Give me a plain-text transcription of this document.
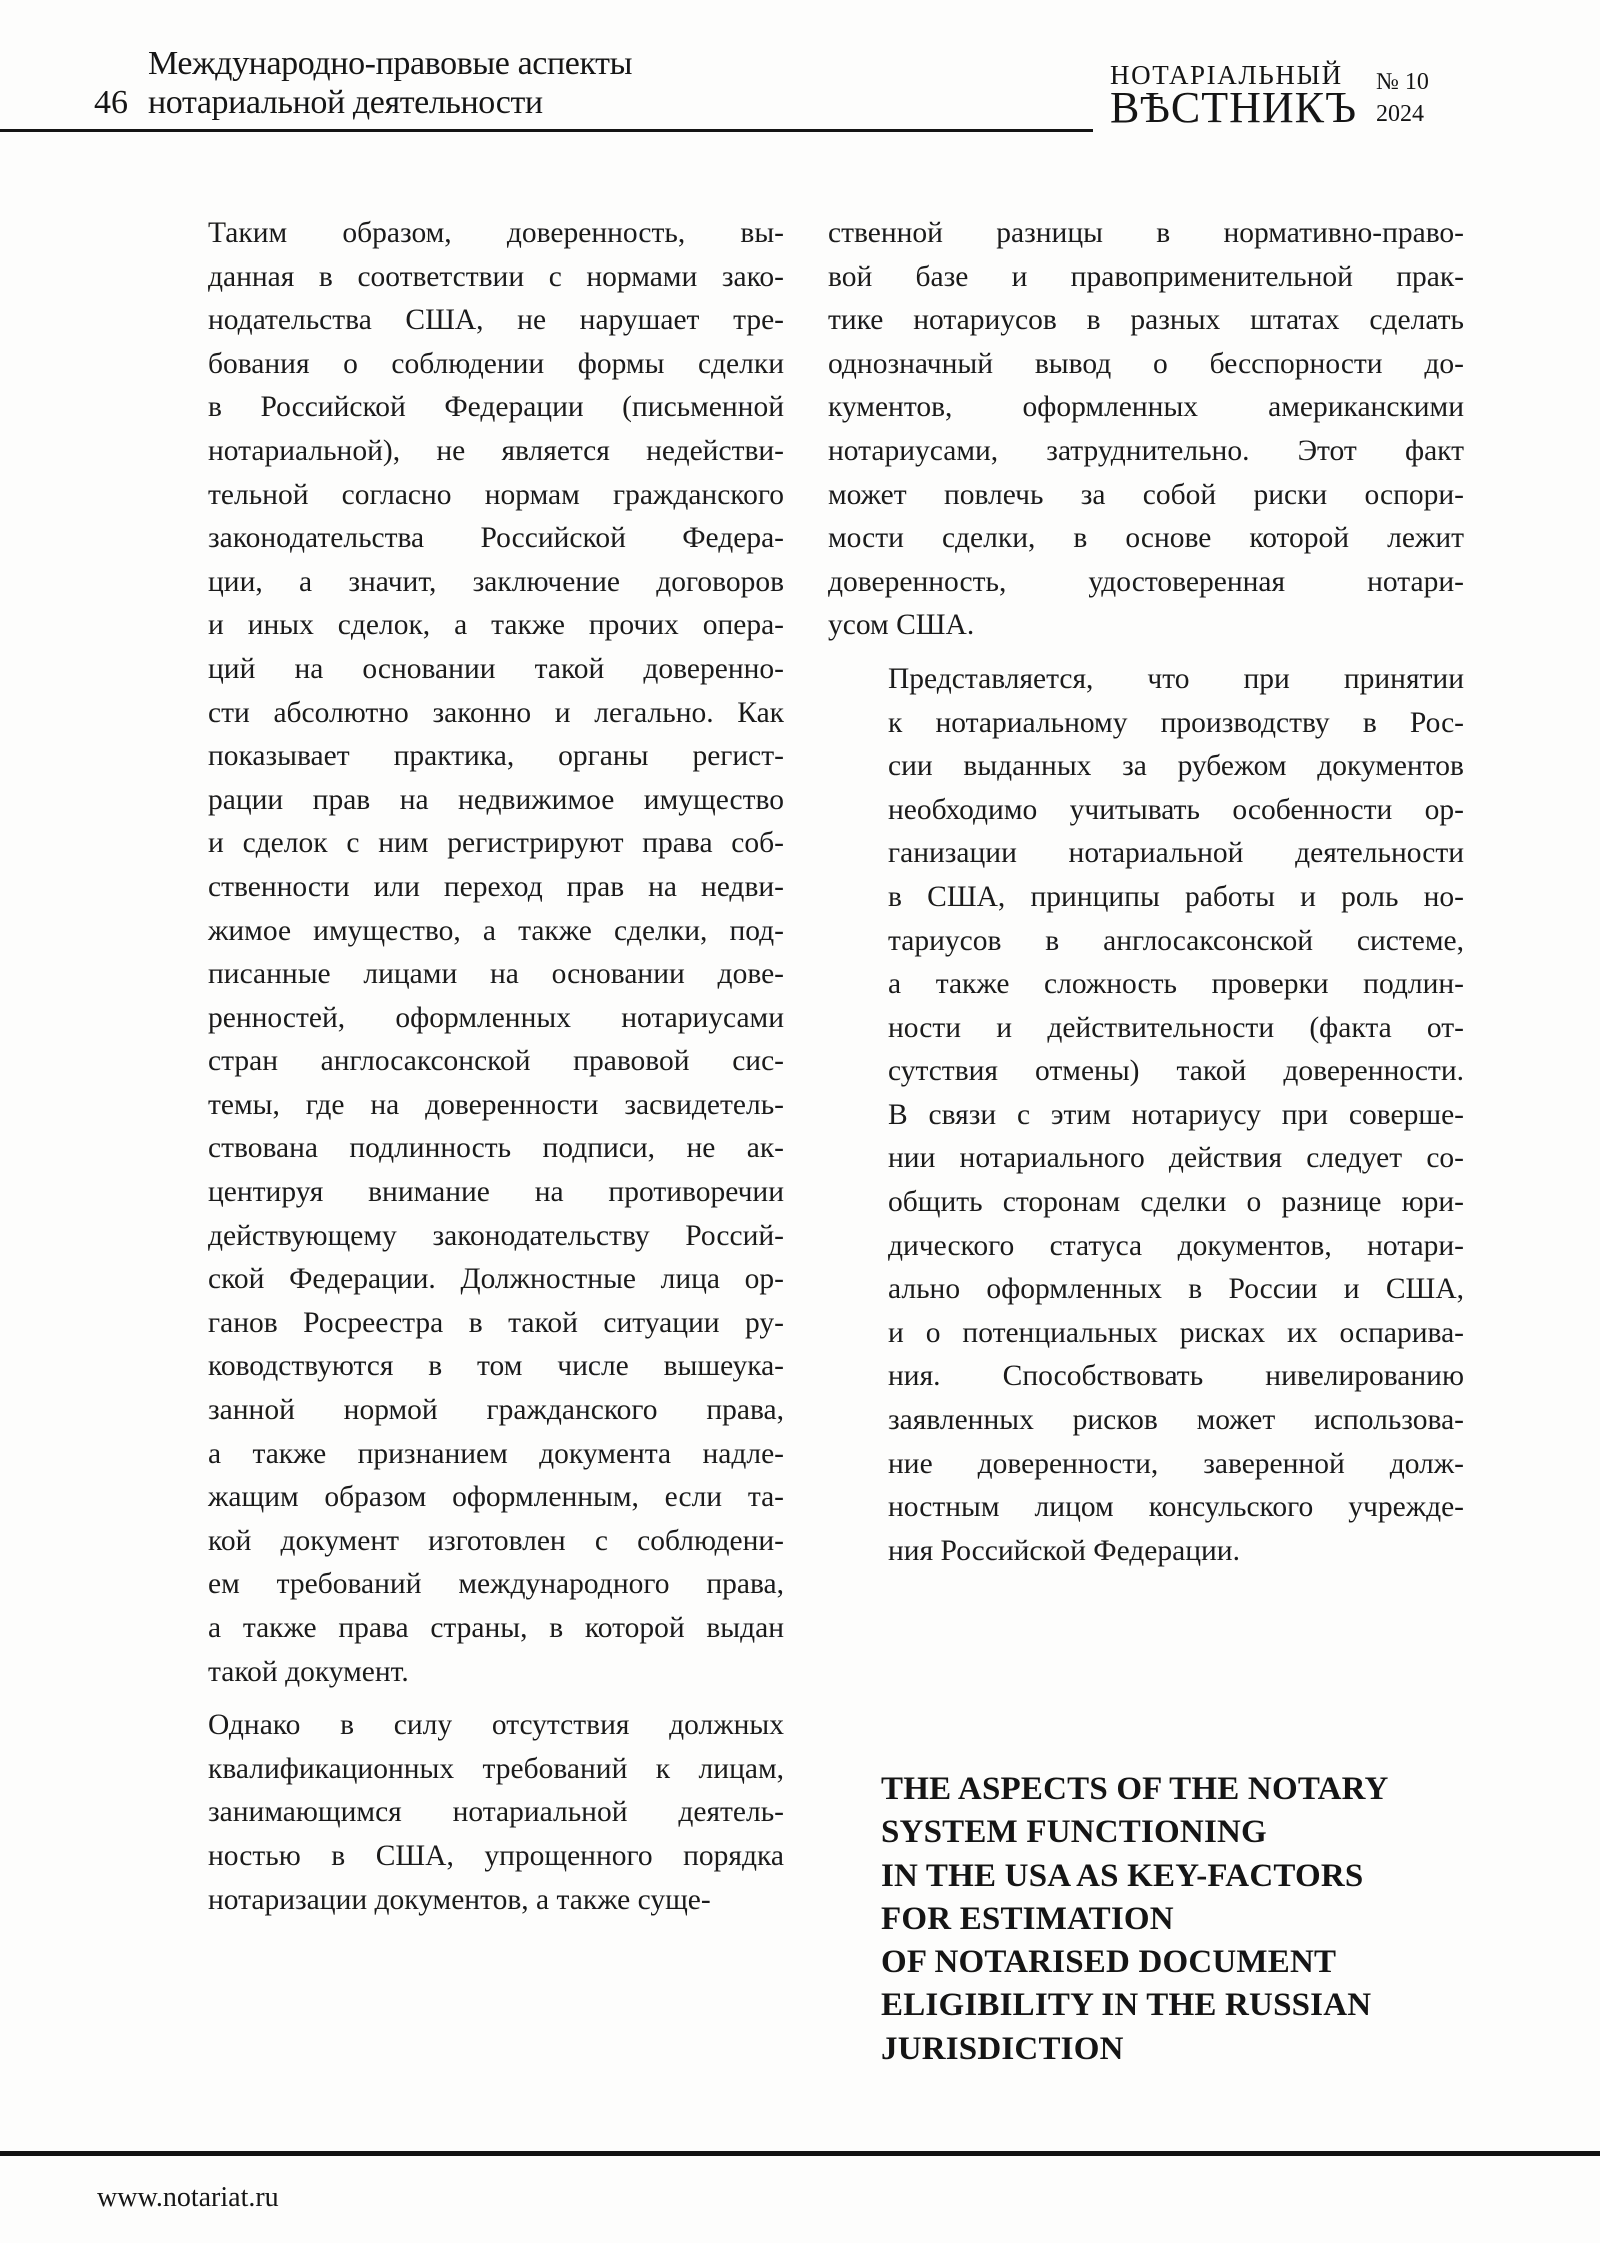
46
Международно-правовые аспекты
нотариальной деятельности
НОТАРІАЛЬНЫЙ
ВѢСТНИКЪ
№ 10
2024

Таким образом, доверенность, вы-
данная в соответствии с нормами зако-
нодательства США, не нарушает тре-
бования о соблюдении формы сделки
в Российской Федерации (письменной
нотариальной), не является недействи-
тельной согласно нормам гражданского
законодательства Российской Федера-
ции, а значит, заключение договоров
и иных сделок, а также прочих опера-
ций на основании такой доверенно-
сти абсолютно законно и легально. Как
показывает практика, органы регист-
рации прав на недвижимое имущество
и сделок с ним регистрируют права соб-
ственности или переход прав на недви-
жимое имущество, а также сделки, под-
писанные лицами на основании дове-
ренностей, оформленных нотариусами
стран англосаксонской правовой сис-
темы, где на доверенности засвидетель-
ствована подлинность подписи, не ак-
центируя внимание на противоречии
действующему законодательству Россий-
ской Федерации. Должностные лица ор-
ганов Росреестра в такой ситуации ру-
ководствуются в том числе вышеука-
занной нормой гражданского права,
а также признанием документа надле-
жащим образом оформленным, если та-
кой документ изготовлен с соблюдени-
ем требований международного права,
а также права страны, в которой выдан
такой документ.

Однако в силу отсутствия должных
квалификационных требований к лицам,
занимающимся нотариальной деятель-
ностью в США, упрощенного порядка
нотаризации документов, а также суще-

ственной разницы в нормативно-право-
вой базе и правоприменительной прак-
тике нотариусов в разных штатах сделать
однозначный вывод о бесспорности до-
кументов, оформленных американскими
нотариусами, затруднительно. Этот факт
может повлечь за собой риски оспори-
мости сделки, в основе которой лежит
доверенность, удостоверенная нотари-
усом США.

Представляется, что при принятии
к нотариальному производству в Рос-
сии выданных за рубежом документов
необходимо учитывать особенности ор-
ганизации нотариальной деятельности
в США, принципы работы и роль но-
тариусов в англосаксонской системе,
а также сложность проверки подлин-
ности и действительности (факта от-
сутствия отмены) такой доверенности.
В связи с этим нотариусу при соверше-
нии нотариального действия следует со-
общить сторонам сделки о разнице юри-
дического статуса документов, нотари-
ально оформленных в России и США,
и о потенциальных рисках их оспарива-
ния. Способствовать нивелированию
заявленных рисков может использова-
ние доверенности, заверенной долж-
ностным лицом консульского учрежде-
ния Российской Федерации.

THE ASPECTS OF THE NOTARY
SYSTEM FUNCTIONING
IN THE USA AS KEY-FACTORS
FOR ESTIMATION
OF NOTARISED DOCUMENT
ELIGIBILITY IN THE RUSSIAN
JURISDICTION
www.notariat.ru
